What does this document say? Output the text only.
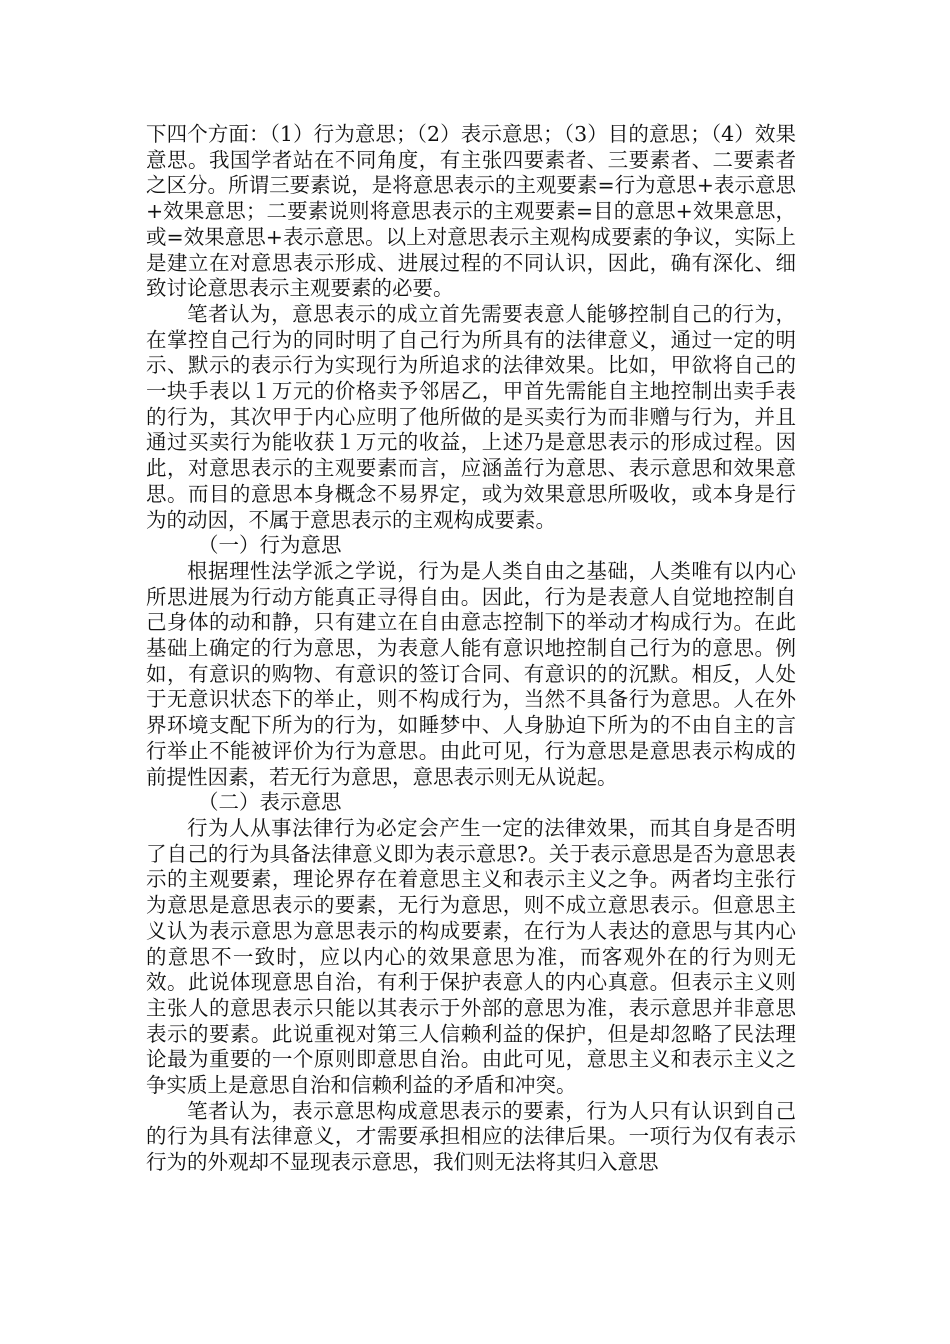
下四个方面：（1）行为意思；（2）表示意思；（3）目的意思；（4）效果意思。我国学者站在不同角度，有主张四要素者、三要素者、二要素者之区分。所谓三要素说，是将意思表示的主观要素=行为意思+表示意思+效果意思；二要素说则将意思表示的主观要素=目的意思+效果意思，或=效果意思+表示意思。以上对意思表示主观构成要素的争议，实际上是建立在对意思表示形成、进展过程的不同认识，因此，确有深化、细致讨论意思表示主观要素的必要。

笔者认为，意思表示的成立首先需要表意人能够控制自己的行为，在掌控自己行为的同时明了自己行为所具有的法律意义，通过一定的明示、默示的表示行为实现行为所追求的法律效果。比如，甲欲将自己的一块手表以１万元的价格卖予邻居乙，甲首先需能自主地控制出卖手表的行为，其次甲于内心应明了他所做的是买卖行为而非赠与行为，并且通过买卖行为能收获１万元的收益，上述乃是意思表示的形成过程。因此，对意思表示的主观要素而言，应涵盖行为意思、表示意思和效果意思。而目的意思本身概念不易界定，或为效果意思所吸收，或本身是行为的动因，不属于意思表示的主观构成要素。

（一）行为意思

根据理性法学派之学说，行为是人类自由之基础，人类唯有以内心所思进展为行动方能真正寻得自由。因此，行为是表意人自觉地控制自己身体的动和静，只有建立在自由意志控制下的举动才构成行为。在此基础上确定的行为意思，为表意人能有意识地控制自己行为的意思。例如，有意识的购物、有意识的签订合同、有意识的的沉默。相反，人处于无意识状态下的举止，则不构成行为，当然不具备行为意思。人在外界环境支配下所为的行为，如睡梦中、人身胁迫下所为的不由自主的言行举止不能被评价为行为意思。由此可见，行为意思是意思表示构成的前提性因素，若无行为意思，意思表示则无从说起。

（二）表示意思

行为人从事法律行为必定会产生一定的法律效果，而其自身是否明了自己的行为具备法律意义即为表示意思?。关于表示意思是否为意思表示的主观要素，理论界存在着意思主义和表示主义之争。两者均主张行为意思是意思表示的要素，无行为意思，则不成立意思表示。但意思主义认为表示意思为意思表示的构成要素，在行为人表达的意思与其内心的意思不一致时，应以内心的效果意思为准，而客观外在的行为则无效。此说体现意思自治，有利于保护表意人的内心真意。但表示主义则主张人的意思表示只能以其表示于外部的意思为准，表示意思并非意思表示的要素。此说重视对第三人信赖利益的保护，但是却忽略了民法理论最为重要的一个原则即意思自治。由此可见，意思主义和表示主义之争实质上是意思自治和信赖利益的矛盾和冲突。

笔者认为，表示意思构成意思表示的要素，行为人只有认识到自己的行为具有法律意义，才需要承担相应的法律后果。一项行为仅有表示行为的外观却不显现表示意思，我们则无法将其归入意思
